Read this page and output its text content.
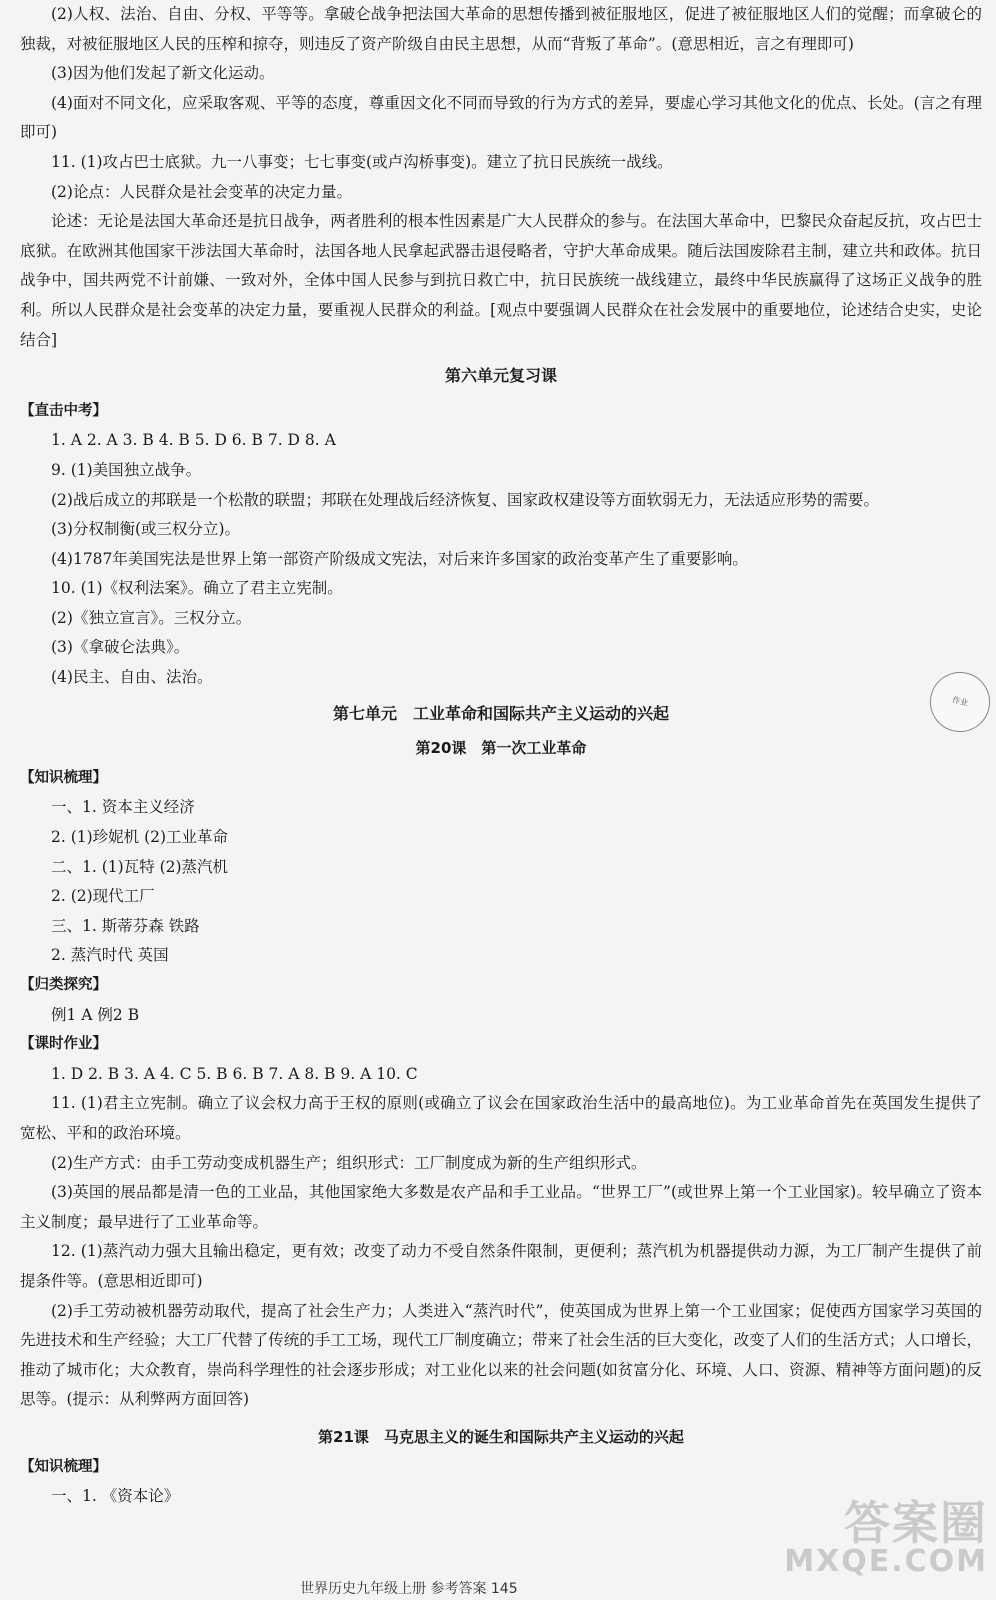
(2)人权、法治、自由、分权、平等等。拿破仑战争把法国大革命的思想传播到被征服地区，促进了被征服地区人们的觉醒；而拿破仑的独裁，对被征服地区人民的压榨和掠夺，则违反了资产阶级自由民主思想，从而“背叛了革命”。(意思相近，言之有理即可)

(3)因为他们发起了新文化运动。

(4)面对不同文化，应采取客观、平等的态度，尊重因文化不同而导致的行为方式的差异，要虚心学习其他文化的优点、长处。(言之有理即可)

11. (1)攻占巴士底狱。九一八事变；七七事变(或卢沟桥事变)。建立了抗日民族统一战线。

(2)论点：人民群众是社会变革的决定力量。

论述：无论是法国大革命还是抗日战争，两者胜利的根本性因素是广大人民群众的参与。在法国大革命中，巴黎民众奋起反抗，攻占巴士底狱。在欧洲其他国家干涉法国大革命时，法国各地人民拿起武器击退侵略者，守护大革命成果。随后法国废除君主制，建立共和政体。抗日战争中，国共两党不计前嫌、一致对外，全体中国人民参与到抗日救亡中，抗日民族统一战线建立，最终中华民族赢得了这场正义战争的胜利。所以人民群众是社会变革的决定力量，要重视人民群众的利益。[观点中要强调人民群众在社会发展中的重要地位，论述结合史实，史论结合]

第六单元复习课

【直击中考】

1. A 2. A 3. B 4. B 5. D 6. B 7. D 8. A

9. (1)美国独立战争。

(2)战后成立的邦联是一个松散的联盟；邦联在处理战后经济恢复、国家政权建设等方面软弱无力，无法适应形势的需要。

(3)分权制衡(或三权分立)。

(4)1787年美国宪法是世界上第一部资产阶级成文宪法，对后来许多国家的政治变革产生了重要影响。

10. (1)《权利法案》。确立了君主立宪制。

(2)《独立宣言》。三权分立。

(3)《拿破仑法典》。

(4)民主、自由、法治。

第七单元　工业革命和国际共产主义运动的兴起

第20课　第一次工业革命

【知识梳理】

一、1. 资本主义经济

2. (1)珍妮机 (2)工业革命

二、1. (1)瓦特 (2)蒸汽机

2. (2)现代工厂

三、1. 斯蒂芬森 铁路

2. 蒸汽时代 英国

【归类探究】

例1 A 例2 B

【课时作业】

1. D 2. B 3. A 4. C 5. B 6. B 7. A 8. B 9. A 10. C

11. (1)君主立宪制。确立了议会权力高于王权的原则(或确立了议会在国家政治生活中的最高地位)。为工业革命首先在英国发生提供了宽松、平和的政治环境。

(2)生产方式：由手工劳动变成机器生产；组织形式：工厂制度成为新的生产组织形式。

(3)英国的展品都是清一色的工业品，其他国家绝大多数是农产品和手工业品。“世界工厂”(或世界上第一个工业国家)。较早确立了资本主义制度；最早进行了工业革命等。

12. (1)蒸汽动力强大且输出稳定，更有效；改变了动力不受自然条件限制，更便利；蒸汽机为机器提供动力源，为工厂制产生提供了前提条件等。(意思相近即可)

(2)手工劳动被机器劳动取代，提高了社会生产力；人类进入“蒸汽时代”，使英国成为世界上第一个工业国家；促使西方国家学习英国的先进技术和生产经验；大工厂代替了传统的手工工场，现代工厂制度确立；带来了社会生活的巨大变化，改变了人们的生活方式；人口增长，推动了城市化；大众教育，崇尚科学理性的社会逐步形成；对工业化以来的社会问题(如贫富分化、环境、人口、资源、精神等方面问题)的反思等。(提示：从利弊两方面回答)

第21课　马克思主义的诞生和国际共产主义运动的兴起

【知识梳理】

一、1. 《资本论》

作业
答案圈
MXQE.COM
世界历史九年级上册 参考答案 145
